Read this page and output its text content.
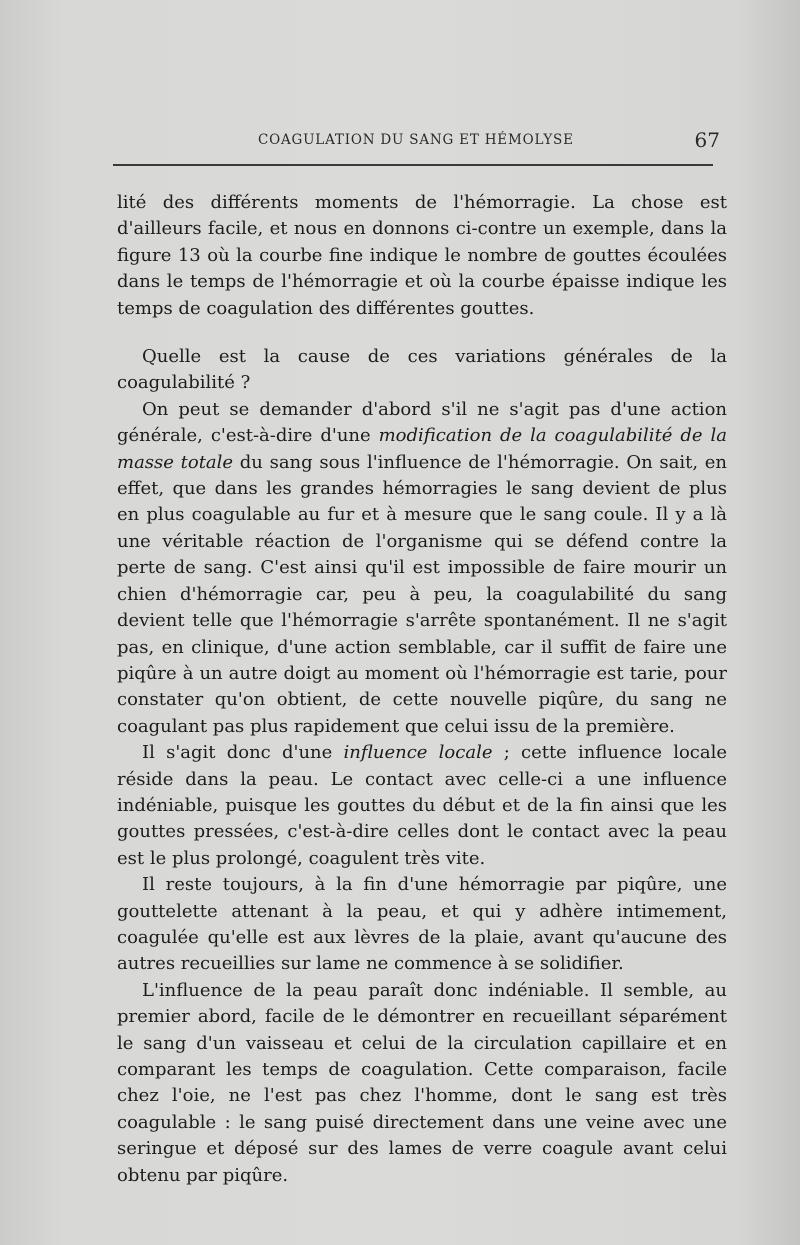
COAGULATION DU SANG ET HÉMOLYSE	67

lité des différents moments de l'hémorragie. La chose est d'ailleurs facile, et nous en donnons ci-contre un exemple, dans la figure 13 où la courbe fine indique le nombre de gouttes écoulées dans le temps de l'hémorragie et où la courbe épaisse indique les temps de coagulation des différentes gouttes.

Quelle est la cause de ces variations générales de la coagulabilité ?

On peut se demander d'abord s'il ne s'agit pas d'une action générale, c'est-à-dire d'une modification de la coagulabilité de la masse totale du sang sous l'influence de l'hémorragie. On sait, en effet, que dans les grandes hémorragies le sang devient de plus en plus coagulable au fur et à mesure que le sang coule. Il y a là une véritable réaction de l'organisme qui se défend contre la perte de sang. C'est ainsi qu'il est impossible de faire mourir un chien d'hémorragie car, peu à peu, la coagulabilité du sang devient telle que l'hémorragie s'arrête spontanément. Il ne s'agit pas, en clinique, d'une action semblable, car il suffit de faire une piqûre à un autre doigt au moment où l'hémorragie est tarie, pour constater qu'on obtient, de cette nouvelle piqûre, du sang ne coagulant pas plus rapidement que celui issu de la première.

Il s'agit donc d'une influence locale ; cette influence locale réside dans la peau. Le contact avec celle-ci a une influence indéniable, puisque les gouttes du début et de la fin ainsi que les gouttes pressées, c'est-à-dire celles dont le contact avec la peau est le plus prolongé, coagulent très vite.

Il reste toujours, à la fin d'une hémorragie par piqûre, une gouttelette attenant à la peau, et qui y adhère intimement, coagulée qu'elle est aux lèvres de la plaie, avant qu'aucune des autres recueillies sur lame ne commence à se solidifier.

L'influence de la peau paraît donc indéniable. Il semble, au premier abord, facile de le démontrer en recueillant séparément le sang d'un vaisseau et celui de la circulation capillaire et en comparant les temps de coagulation. Cette comparaison, facile chez l'oie, ne l'est pas chez l'homme, dont le sang est très coagulable : le sang puisé directement dans une veine avec une seringue et déposé sur des lames de verre coagule avant celui obtenu par piqûre.
